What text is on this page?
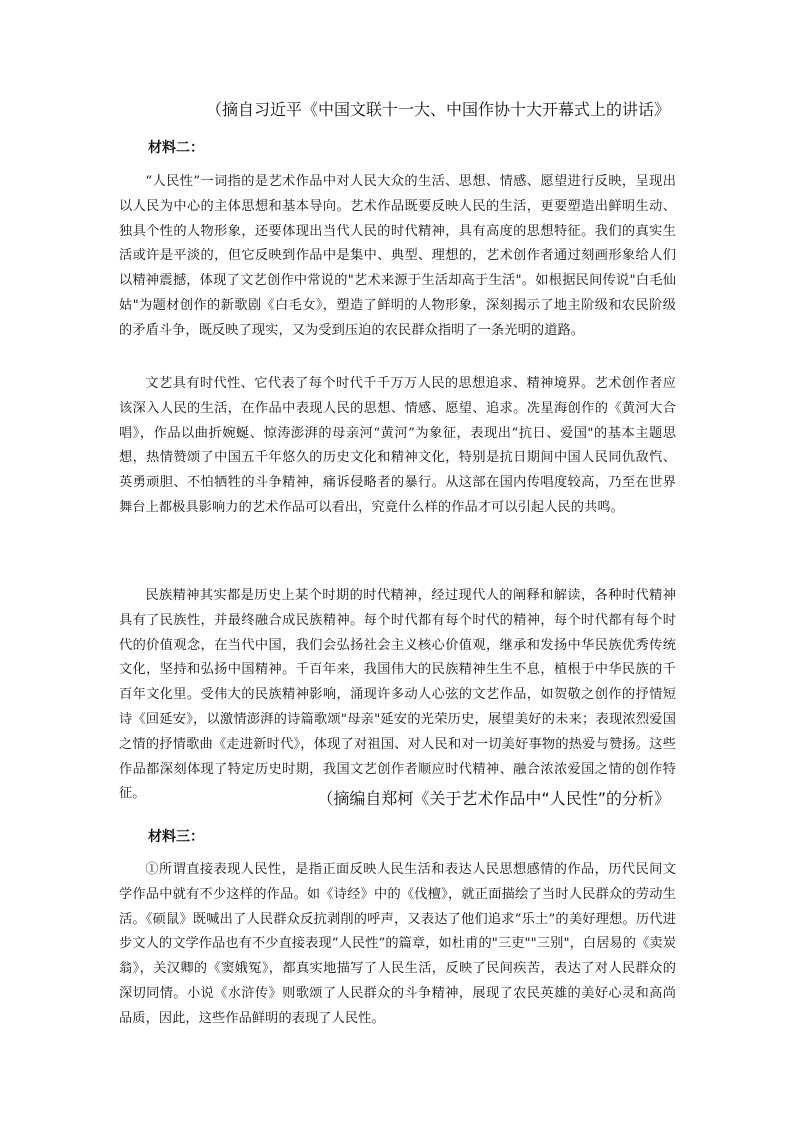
（摘自习近平《中国文联十一大、中国作协十大开幕式上的讲话》
材料二：

“人民性”一词指的是艺术作品中对人民大众的生活、思想、情感、愿望进行反映，呈现出以人民为中心的主体思想和基本导向。艺术作品既要反映人民的生活，更要塑造出鲜明生动、独具个性的人物形象，还要体现出当代人民的时代精神，具有高度的思想特征。我们的真实生活或许是平淡的，但它反映到作品中是集中、典型、理想的，艺术创作者通过刻画形象给人们以精神震撼，体现了文艺创作中常说的"艺术来源于生活却高于生活"。如根据民间传说"白毛仙姑"为题材创作的新歌剧《白毛女》，塑造了鲜明的人物形象，深刻揭示了地主阶级和农民阶级的矛盾斗争，既反映了现实，又为受到压迫的农民群众指明了一条光明的道路。

文艺具有时代性、它代表了每个时代千千万万人民的思想追求、精神境界。艺术创作者应该深入人民的生活，在作品中表现人民的思想、情感、愿望、追求。冼星海创作的《黄河大合唱》，作品以曲折婉蜒、惊涛澎湃的母亲河“黄河”为象征，表现出“抗日、爱国"的基本主题思想，热情赞颂了中国五千年悠久的历史文化和精神文化，特别是抗日期间中国人民同仇敌忾、英勇顽胆、不怕牺牲的斗争精神，痛诉侵略者的暴行。从这部在国内传唱度较高，乃至在世界舞台上都极具影响力的艺术作品可以看出，究竟什么样的作品才可以引起人民的共鸣。

民族精神其实都是历史上某个时期的时代精神，经过现代人的阐释和解读，各种时代精神具有了民族性，并最终融合成民族精神。每个时代都有每个时代的精神，每个时代都有每个时代的价值观念，在当代中国，我们会弘扬社会主义核心价值观，继承和发扬中华民族优秀传统文化，坚持和弘扬中国精神。千百年来，我国伟大的民族精神生生不息，植根于中华民族的千百年文化里。受伟大的民族精神影响，涌现许多动人心弦的文艺作品，如贺敬之创作的抒情短诗《回延安》，以激情澎湃的诗篇歌颂"母亲"延安的光荣历史，展望美好的未来；表现浓烈爱国之情的抒情歌曲《走进新时代》，体现了对祖国、对人民和对一切美好事物的热爱与赞扬。这些作品都深刻体现了特定历史时期，我国文艺创作者顺应时代精神、融合浓浓爱国之情的创作特征。	（摘编自郑柯《关于艺术作品中“人民性”的分析》
材料三：

①所谓直接表现人民性，是指正面反映人民生活和表达人民思想感情的作品，历代民间文学作品中就有不少这样的作品。如《诗经》中的《伐檀》，就正面描绘了当时人民群众的劳动生活。《硕鼠》既喊出了人民群众反抗剥削的呼声，又表达了他们追求“乐土”的美好理想。历代进步文人的文学作品也有不少直接表现“人民性”的篇章，如杜甫的"三吏""三别"，白居易的《卖炭翁》，关汉卿的《窦娥冤》，都真实地描写了人民生活，反映了民间疾苦，表达了对人民群众的深切同情。小说《水浒传》则歌颂了人民群众的斗争精神，展现了农民英雄的美好心灵和高尚品质，因此，这些作品鲜明的表现了人民性。
